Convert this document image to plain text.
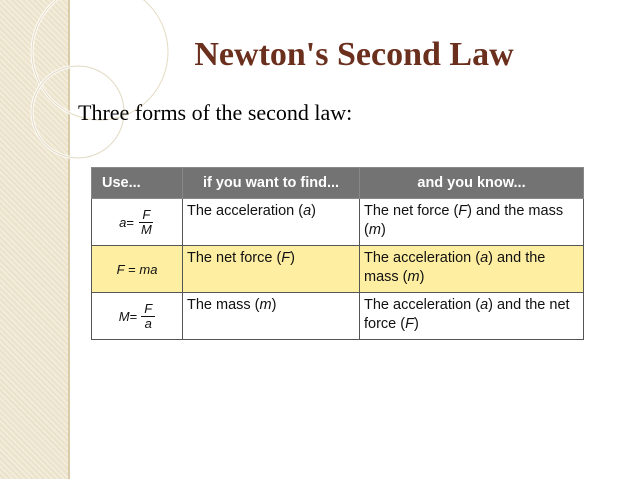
Newton's Second Law

Three forms of the second law:

Use...	if you want to find...	and you know...

$a = \frac{F}{M}$	The acceleration (a)	The net force (F) and the mass (m)
F = ma	The net force (F)	The acceleration (a) and the mass (m)

$M = \frac{F}{a}$	The mass (m)	The acceleration (a) and the net force (F)
